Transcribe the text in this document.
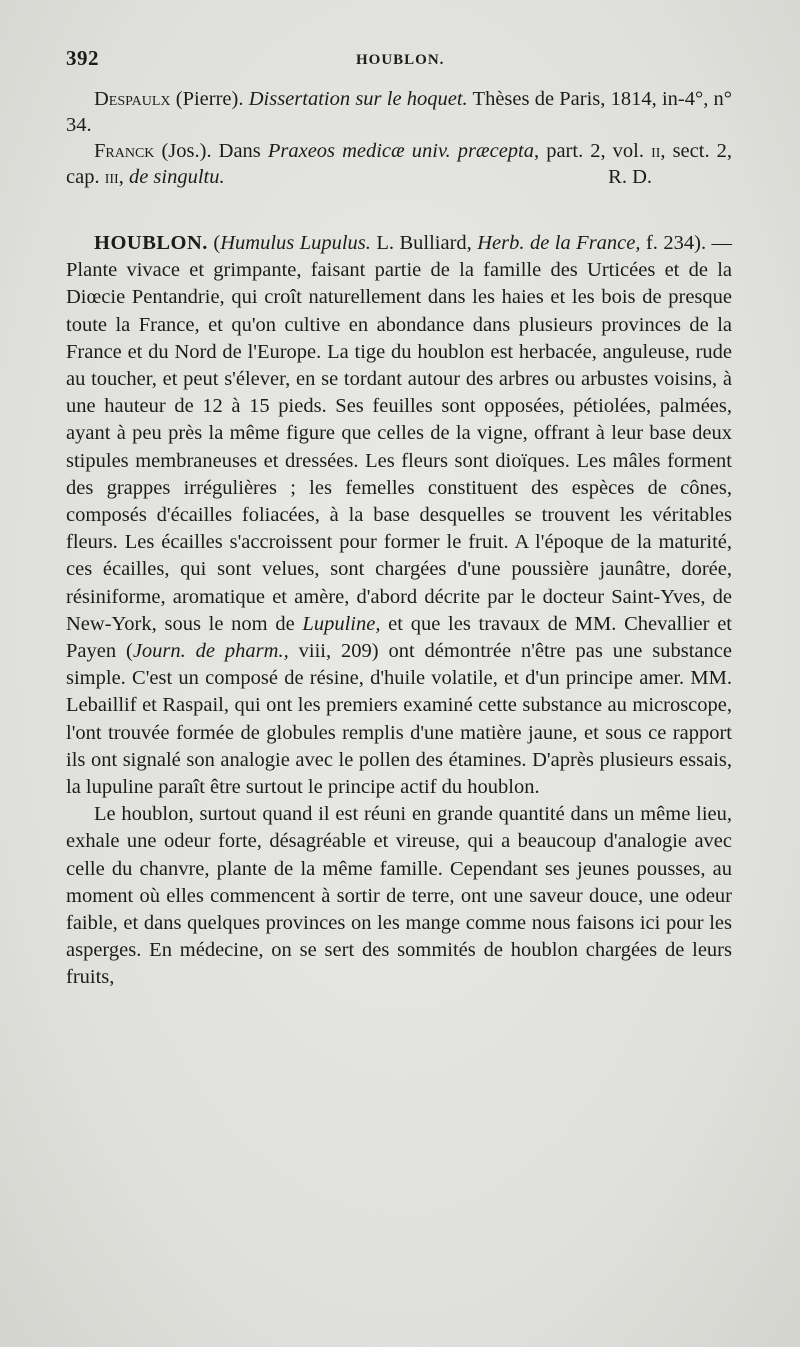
392	HOUBLON.

Despaulx (Pierre). Dissertation sur le hoquet. Thèses de Paris, 1814, in-4°, n° 34.

Franck (Jos.). Dans Praxeos medicæ univ. præcepta, part. 2, vol. ii, sect. 2, cap. iii, de singultu.	R. D.

HOUBLON. (Humulus Lupulus. L. Bulliard, Herb. de la France, f. 234). — Plante vivace et grimpante, faisant partie de la famille des Urticées et de la Diœcie Pentandrie, qui croît naturellement dans les haies et les bois de presque toute la France, et qu'on cultive en abondance dans plusieurs provinces de la France et du Nord de l'Europe. La tige du houblon est herbacée, anguleuse, rude au toucher, et peut s'élever, en se tordant autour des arbres ou arbustes voisins, à une hauteur de 12 à 15 pieds. Ses feuilles sont opposées, pétiolées, palmées, ayant à peu près la même figure que celles de la vigne, offrant à leur base deux stipules membraneuses et dressées. Les fleurs sont dioïques. Les mâles forment des grappes irrégulières ; les femelles constituent des espèces de cônes, composés d'écailles foliacées, à la base desquelles se trouvent les véritables fleurs. Les écailles s'accroissent pour former le fruit. A l'époque de la maturité, ces écailles, qui sont velues, sont chargées d'une poussière jaunâtre, dorée, résiniforme, aromatique et amère, d'abord décrite par le docteur Saint-Yves, de New-York, sous le nom de Lupuline, et que les travaux de MM. Chevallier et Payen (Journ. de pharm., viii, 209) ont démontrée n'être pas une substance simple. C'est un composé de résine, d'huile volatile, et d'un principe amer. MM. Lebaillif et Raspail, qui ont les premiers examiné cette substance au microscope, l'ont trouvée formée de globules remplis d'une matière jaune, et sous ce rapport ils ont signalé son analogie avec le pollen des étamines. D'après plusieurs essais, la lupuline paraît être surtout le principe actif du houblon.

Le houblon, surtout quand il est réuni en grande quantité dans un même lieu, exhale une odeur forte, désagréable et vireuse, qui a beaucoup d'analogie avec celle du chanvre, plante de la même famille. Cependant ses jeunes pousses, au moment où elles commencent à sortir de terre, ont une saveur douce, une odeur faible, et dans quelques provinces on les mange comme nous faisons ici pour les asperges. En médecine, on se sert des sommités de houblon chargées de leurs fruits,
